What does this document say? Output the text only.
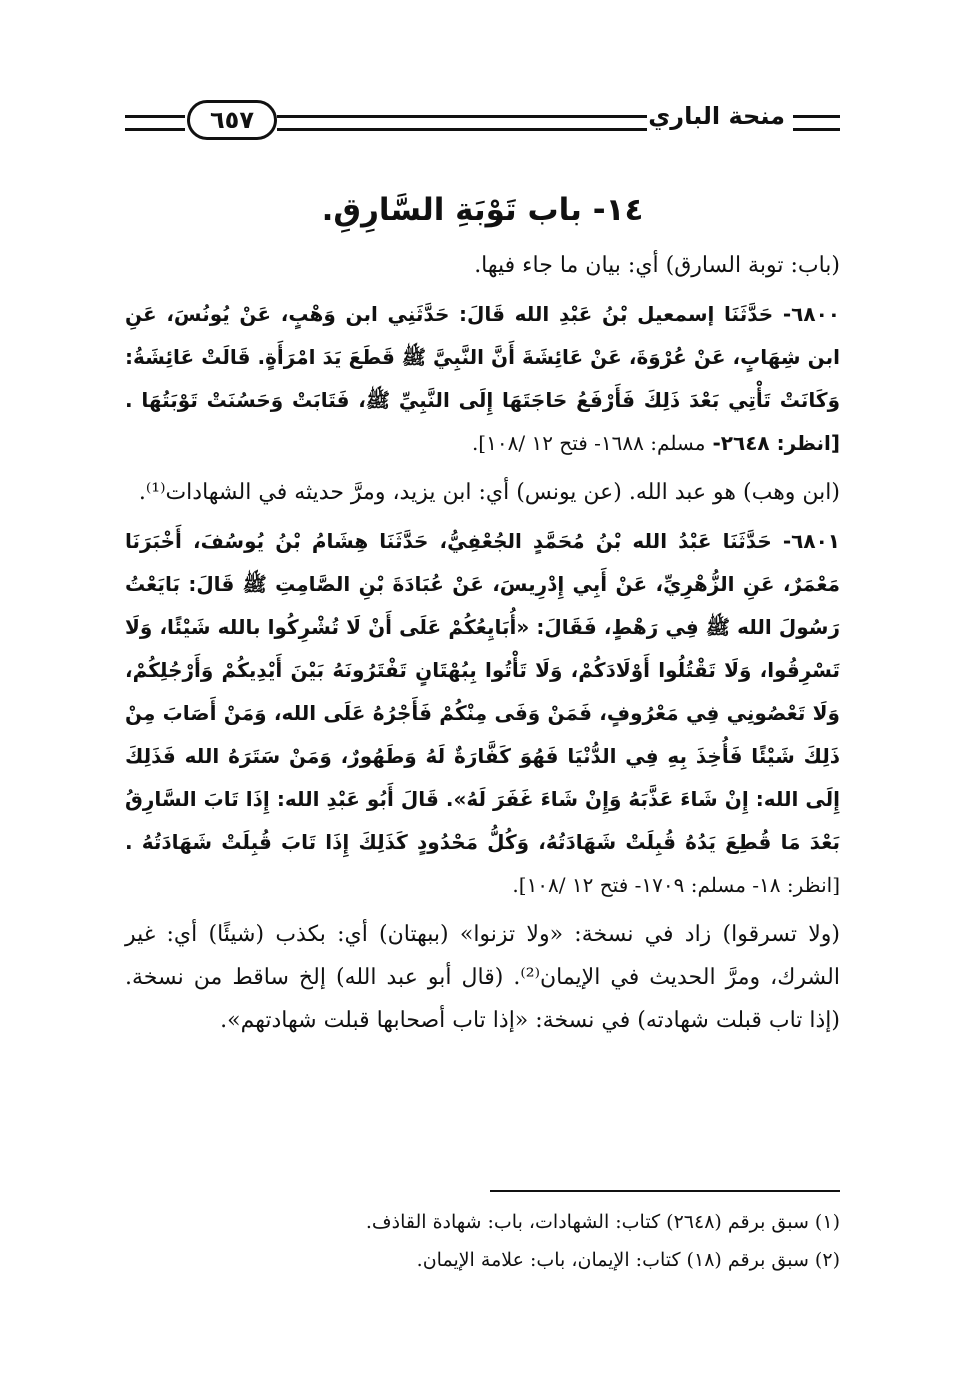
٦٥٧	منحة الباري
١٤- باب تَوْبَةِ السَّارِقِ.

(باب: توبة السارق) أي: بيان ما جاء فيها.

٦٨٠٠- حَدَّثَنَا إسمعيل بْنُ عَبْدِ الله قَالَ: حَدَّثَنِي ابن وَهْبٍ، عَنْ يُونُسَ، عَنِ ابن شِهَابٍ، عَنْ عُرْوَةَ، عَنْ عَائِشَةَ أَنَّ النَّبِيَّ ﷺ قَطَعَ يَدَ امْرَأَةٍ. قَالَتْ عَائِشَةُ: وَكَانَتْ تَأْتِي بَعْدَ ذَلِكَ فَأَرْفَعُ حَاجَتَهَا إِلَى النَّبِيِّ ﷺ، فَتَابَتْ وَحَسُنَتْ تَوْبَتُهَا .[انظر: ٢٦٤٨- مسلم: ١٦٨٨- فتح ١٢ /١٠٨].

(ابن وهب) هو عبد الله. (عن يونس) أي: ابن يزيد، ومرَّ حديثه في الشهادات⁽¹⁾.

٦٨٠١- حَدَّثَنَا عَبْدُ الله بْنُ مُحَمَّدٍ الجُعْفِيُّ، حَدَّثَنَا هِشَامُ بْنُ يُوسُفَ، أَخْبَرَنَا مَعْمَرٌ، عَنِ الزُّهْرِيِّ، عَنْ أَبِي إِدْرِيسَ، عَنْ عُبَادَةَ بْنِ الصَّامِتِ ﷺ قَالَ: بَايَعْتُ رَسُولَ الله ﷺ فِي رَهْطٍ، فَقَالَ: «أُبَايِعُكُمْ عَلَى أَنْ لَا تُشْرِكُوا بالله شَيْئًا، وَلَا تَسْرِقُوا، وَلَا تَقْتُلُوا أَوْلَادَكُمْ، وَلَا تَأْتُوا بِبُهْتَانٍ تَفْتَرُونَهُ بَيْنَ أَيْدِيكُمْ وَأَرْجُلِكُمْ، وَلَا تَعْصُونِي فِي مَعْرُوفٍ، فَمَنْ وَفَى مِنْكُمْ فَأَجْرُهُ عَلَى الله، وَمَنْ أَصَابَ مِنْ ذَلِكَ شَيْئًا فَأُخِذَ بِهِ فِي الدُّنْيَا فَهُوَ كَفَّارَةٌ لَهُ وَطَهُورٌ، وَمَنْ سَتَرَهُ الله فَذَلِكَ إِلَى الله: إِنْ شَاءَ عَذَّبَهُ وَإِنْ شَاءَ غَفَرَ لَهُ». قَالَ أَبُو عَبْدِ الله: إِذَا تَابَ السَّارِقُ بَعْدَ مَا قُطِعَ يَدُهُ قُبِلَتْ شَهَادَتُهُ، وَكُلُّ مَحْدُودٍ كَذَلِكَ إِذَا تَابَ قُبِلَتْ شَهَادَتُهُ .[انظر: ١٨- مسلم: ١٧٠٩- فتح ١٢ /١٠٨].

(ولا تسرقوا) زاد في نسخة: «ولا تزنوا» (ببهتان) أي: بكذب (شيئًا) أي: غير الشرك، ومرَّ الحديث في الإيمان⁽²⁾. (قال أبو عبد الله) إلخ ساقط من نسخة. (إذا تاب قبلت شهادته) في نسخة: «إذا تاب أصحابها قبلت شهادتهم».

(١) سبق برقم (٢٦٤٨) كتاب: الشهادات، باب: شهادة القاذف.

(٢) سبق برقم (١٨) كتاب: الإيمان، باب: علامة الإيمان.
